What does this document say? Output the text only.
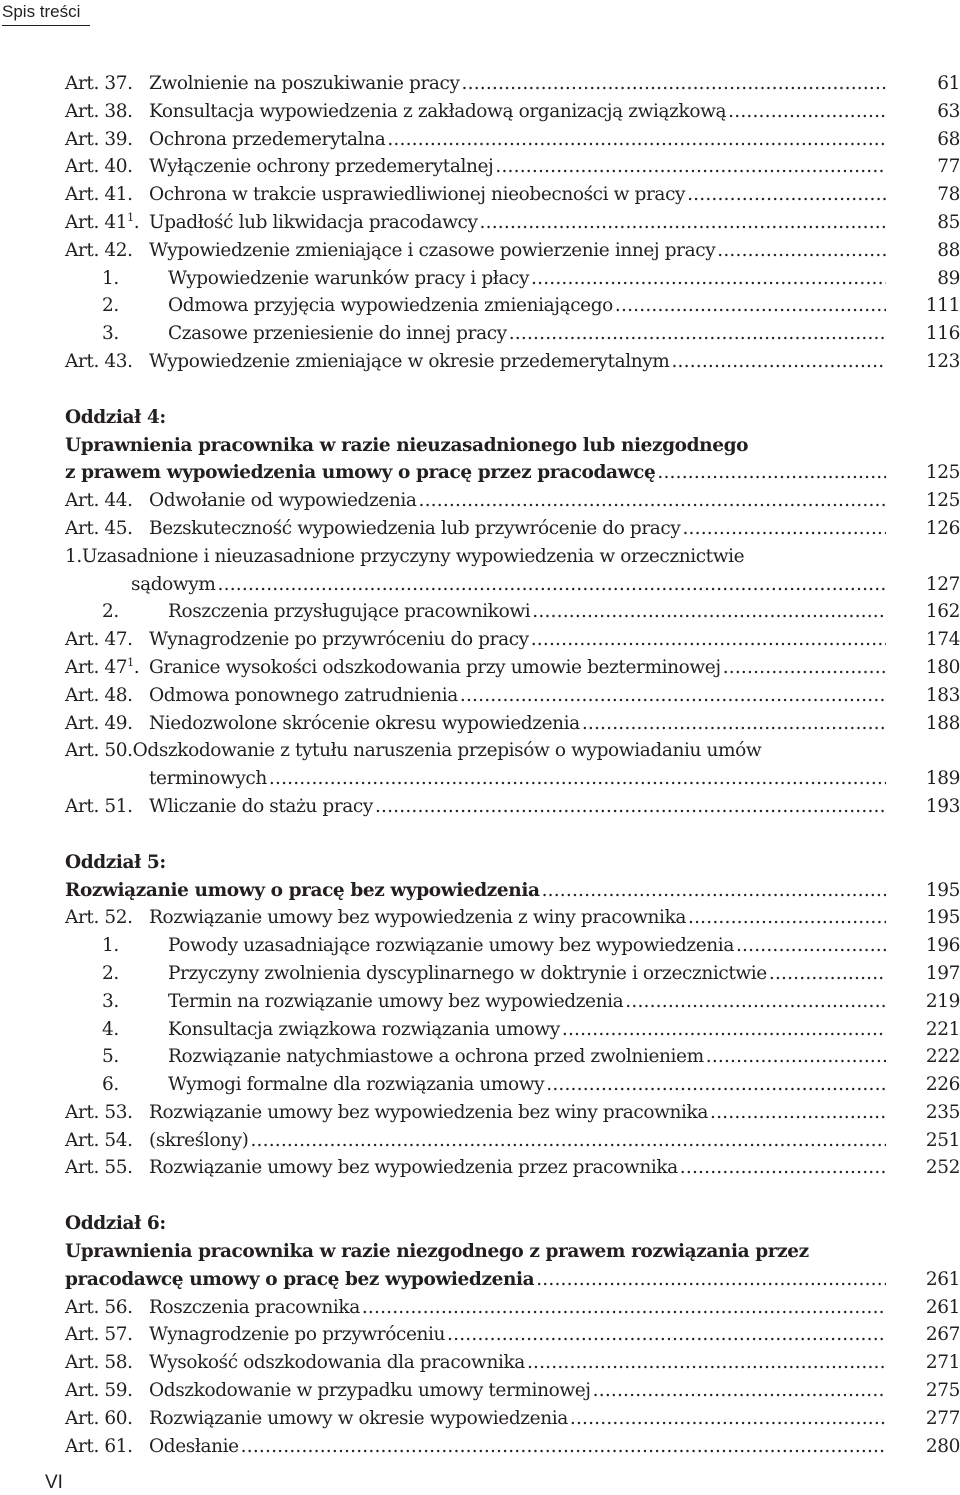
Spis treści
Art. 37. Zwolnienie na poszukiwanie pracy .....	61
Art. 38. Konsultacja wypowiedzenia z zakładową organizacją związkową .....	63
Art. 39. Ochrona przedemerytalna .....	68
Art. 40. Wyłączenie ochrony przedemerytalnej .....	77
Art. 41. Ochrona w trakcie usprawiedliwionej nieobecności w pracy .....	78
Art. $41^1$. Upadłość lub likwidacja pracodawcy .....	85
Art. 42. Wypowiedzenie zmieniające i czasowe powierzenie innej pracy .....	88
1.	Wypowiedzenie warunków pracy i płacy .....	89
2.	Odmowa przyjęcia wypowiedzenia zmieniającego .....	111
3.	Czasowe przeniesienie do innej pracy .....	116
Art. 43. Wypowiedzenie zmieniające w okresie przedemerytalnym .....	123
Oddział 4:
Uprawnienia pracownika w razie nieuzasadnionego lub niezgodnego
z prawem wypowiedzenia umowy o pracę przez pracodawcę .....	125
Art. 44. Odwołanie od wypowiedzenia .....	125
Art. 45. Bezskuteczność wypowiedzenia lub przywrócenie do pracy .....	126
1.Uzasadnione i nieuzasadnione przyczyny wypowiedzenia w orzecznictwie
sądowym .....	127
2.	Roszczenia przysługujące pracownikowi .....	162
Art. 47. Wynagrodzenie po przywróceniu do pracy .....	174
Art. $47^1$. Granice wysokości odszkodowania przy umowie bezterminowej .....	180
Art. 48. Odmowa ponownego zatrudnienia .....	183
Art. 49. Niedozwolone skrócenie okresu wypowiedzenia .....	188
Art. 50.Odszkodowanie z tytułu naruszenia przepisów o wypowiadaniu umów
terminowych .....	189
Art. 51. Wliczanie do stażu pracy .....	193
Oddział 5:
Rozwiązanie umowy o pracę bez wypowiedzenia .....	195
Art. 52. Rozwiązanie umowy bez wypowiedzenia z winy pracownika .....	195
1.	Powody uzasadniające rozwiązanie umowy bez wypowiedzenia .....	196
2.	Przyczyny zwolnienia dyscyplinarnego w doktrynie i orzecznictwie .....	197
3.	Termin na rozwiązanie umowy bez wypowiedzenia .....	219
4.	Konsultacja związkowa rozwiązania umowy .....	221
5.	Rozwiązanie natychmiastowe a ochrona przed zwolnieniem .....	222
6.	Wymogi formalne dla rozwiązania umowy .....	226
Art. 53. Rozwiązanie umowy bez wypowiedzenia bez winy pracownika .....	235
Art. 54. (skreślony) .....	251
Art. 55. Rozwiązanie umowy bez wypowiedzenia przez pracownika .....	252
Oddział 6:
Uprawnienia pracownika w razie niezgodnego z prawem rozwiązania przez
pracodawcę umowy o pracę bez wypowiedzenia .....	261
Art. 56. Roszczenia pracownika .....	261
Art. 57. Wynagrodzenie po przywróceniu .....	267
Art. 58. Wysokość odszkodowania dla pracownika .....	271
Art. 59. Odszkodowanie w przypadku umowy terminowej .....	275
Art. 60. Rozwiązanie umowy w okresie wypowiedzenia .....	277
Art. 61. Odesłanie .....	280
VI
